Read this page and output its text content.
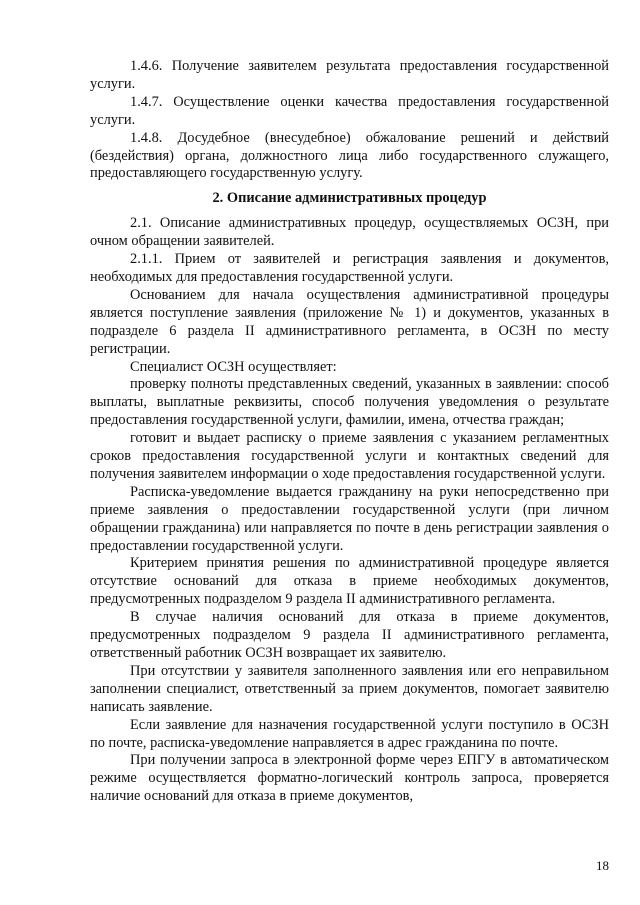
1.4.6. Получение заявителем результата предоставления государственной услуги.

1.4.7. Осуществление оценки качества предоставления государственной услуги.

1.4.8. Досудебное (внесудебное) обжалование решений и действий (бездействия) органа, должностного лица либо государственного служащего, предоставляющего государственную услугу.

2. Описание административных процедур

2.1. Описание административных процедур, осуществляемых ОСЗН, при очном обращении заявителей.

2.1.1. Прием от заявителей и регистрация заявления и документов, необходимых для предоставления государственной услуги.

Основанием для начала осуществления административной процедуры является поступление заявления (приложение № 1) и документов, указанных в подразделе 6 раздела II административного регламента, в ОСЗН по месту регистрации.

Специалист ОСЗН осуществляет:

проверку полноты представленных сведений, указанных в заявлении: способ выплаты, выплатные реквизиты, способ получения уведомления о результате предоставления государственной услуги, фамилии, имена, отчества граждан;

готовит и выдает расписку о приеме заявления с указанием регламентных сроков предоставления государственной услуги и контактных сведений для получения заявителем информации о ходе предоставления государственной услуги.

Расписка-уведомление выдается гражданину на руки непосредственно при приеме заявления о предоставлении государственной услуги (при личном обращении гражданина) или направляется по почте в день регистрации заявления о предоставлении государственной услуги.

Критерием принятия решения по административной процедуре является отсутствие оснований для отказа в приеме необходимых документов, предусмотренных подразделом 9 раздела II административного регламента.

В случае наличия оснований для отказа в приеме документов, предусмотренных подразделом 9 раздела II административного регламента, ответственный работник ОСЗН возвращает их заявителю.

При отсутствии у заявителя заполненного заявления или его неправильном заполнении специалист, ответственный за прием документов, помогает заявителю написать заявление.

Если заявление для назначения государственной услуги поступило в ОСЗН по почте, расписка-уведомление направляется в адрес гражданина по почте.

При получении запроса в электронной форме через ЕПГУ в автоматическом режиме осуществляется форматно-логический контроль запроса, проверяется наличие оснований для отказа в приеме документов,

18
